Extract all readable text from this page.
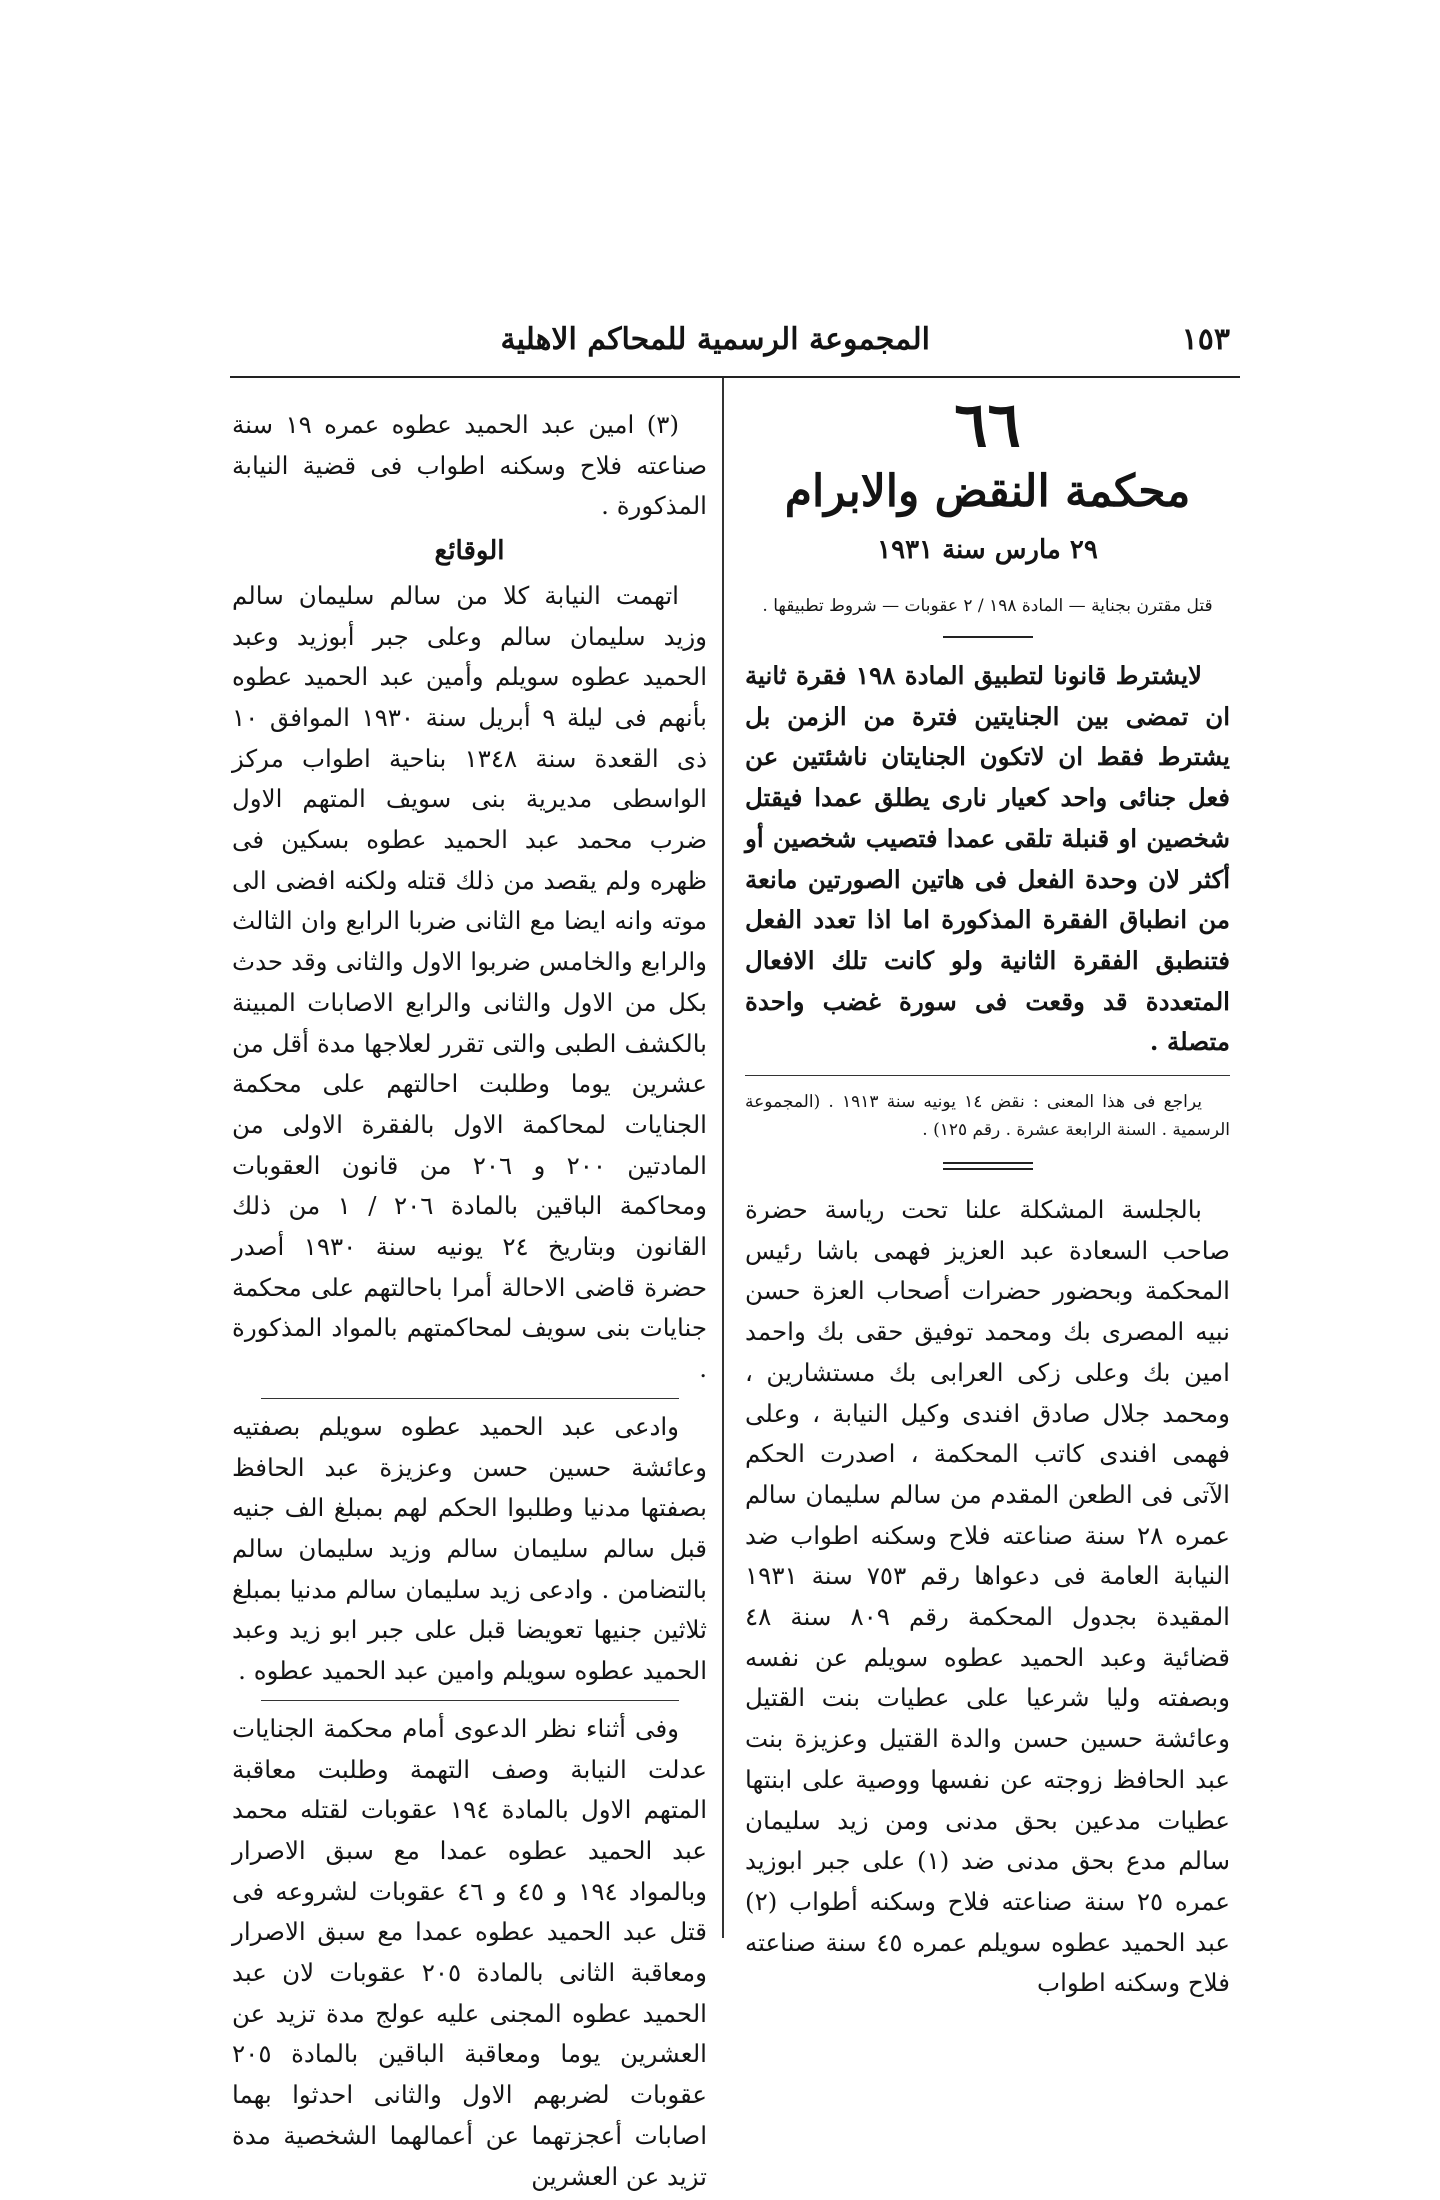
١٥٣
المجموعة الرسمية للمحاكم الاهلية
٦٦
محكمة النقض والابرام
٢٩ مارس سنة ١٩٣١
قتل مقترن بجناية — المادة ١٩٨ / ٢ عقوبات — شروط تطبيقها .

لايشترط قانونا لتطبيق المادة ١٩٨ فقرة ثانية ان تمضى بين الجنايتين فترة من الزمن بل يشترط فقط ان لاتكون الجنايتان ناشئتين عن فعل جنائى واحد كعيار نارى يطلق عمدا فيقتل شخصين او قنبلة تلقى عمدا فتصيب شخصين أو أكثر لان وحدة الفعل فى هاتين الصورتين مانعة من انطباق الفقرة المذكورة اما اذا تعدد الفعل فتنطبق الفقرة الثانية ولو كانت تلك الافعال المتعددة قد وقعت فى سورة غضب واحدة متصلة .

يراجع فى هذا المعنى : نقض ١٤ يونيه سنة ١٩١٣ . (المجموعة الرسمية . السنة الرابعة عشرة . رقم ١٢٥) .

بالجلسة المشكلة علنا تحت رياسة حضرة صاحب السعادة عبد العزيز فهمى باشا رئيس المحكمة وبحضور حضرات أصحاب العزة حسن نبيه المصرى بك ومحمد توفيق حقى بك واحمد امين بك وعلى زكى العرابى بك مستشارين ، ومحمد جلال صادق افندى وكيل النيابة ، وعلى فهمى افندى كاتب المحكمة ، اصدرت الحكم الآتى فى الطعن المقدم من سالم سليمان سالم عمره ٢٨ سنة صناعته فلاح وسكنه اطواب ضد النيابة العامة فى دعواها رقم ٧٥٣ سنة ١٩٣١ المقيدة بجدول المحكمة رقم ٨٠٩ سنة ٤٨ قضائية وعبد الحميد عطوه سويلم عن نفسه وبصفته وليا شرعيا على عطيات بنت القتيل وعائشة حسين حسن والدة القتيل وعزيزة بنت عبد الحافظ زوجته عن نفسها ووصية على ابنتها عطيات مدعين بحق مدنى ومن زيد سليمان سالم مدع بحق مدنى ضد (١) على جبر ابوزيد عمره ٢٥ سنة صناعته فلاح وسكنه أطواب (٢) عبد الحميد عطوه سويلم عمره ٤٥ سنة صناعته فلاح وسكنه اطواب

(٣) امين عبد الحميد عطوه عمره ١٩ سنة صناعته فلاح وسكنه اطواب فى قضية النيابة المذكورة .

الوقائع

اتهمت النيابة كلا من سالم سليمان سالم وزيد سليمان سالم وعلى جبر أبوزيد وعبد الحميد عطوه سويلم وأمين عبد الحميد عطوه بأنهم فى ليلة ٩ أبريل سنة ١٩٣٠ الموافق ١٠ ذى القعدة سنة ١٣٤٨ بناحية اطواب مركز الواسطى مديرية بنى سويف المتهم الاول ضرب محمد عبد الحميد عطوه بسكين فى ظهره ولم يقصد من ذلك قتله ولكنه افضى الى موته وانه ايضا مع الثانى ضربا الرابع وان الثالث والرابع والخامس ضربوا الاول والثانى وقد حدث بكل من الاول والثانى والرابع الاصابات المبينة بالكشف الطبى والتى تقرر لعلاجها مدة أقل من عشرين يوما وطلبت احالتهم على محكمة الجنايات لمحاكمة الاول بالفقرة الاولى من المادتين ٢٠٠ و ٢٠٦ من قانون العقوبات ومحاكمة الباقين بالمادة ٢٠٦ / ١ من ذلك القانون وبتاريخ ٢٤ يونيه سنة ١٩٣٠ أصدر حضرة قاضى الاحالة أمرا باحالتهم على محكمة جنايات بنى سويف لمحاكمتهم بالمواد المذكورة .

وادعى عبد الحميد عطوه سويلم بصفتيه وعائشة حسين حسن وعزيزة عبد الحافظ بصفتها مدنيا وطلبوا الحكم لهم بمبلغ الف جنيه قبل سالم سليمان سالم وزيد سليمان سالم بالتضامن . وادعى زيد سليمان سالم مدنيا بمبلغ ثلاثين جنيها تعويضا قبل على جبر ابو زيد وعبد الحميد عطوه سويلم وامين عبد الحميد عطوه .

وفى أثناء نظر الدعوى أمام محكمة الجنايات عدلت النيابة وصف التهمة وطلبت معاقبة المتهم الاول بالمادة ١٩٤ عقوبات لقتله محمد عبد الحميد عطوه عمدا مع سبق الاصرار وبالمواد ١٩٤ و ٤٥ و ٤٦ عقوبات لشروعه فى قتل عبد الحميد عطوه عمدا مع سبق الاصرار ومعاقبة الثانى بالمادة ٢٠٥ عقوبات لان عبد الحميد عطوه المجنى عليه عولج مدة تزيد عن العشرين يوما ومعاقبة الباقين بالمادة ٢٠٥ عقوبات لضربهم الاول والثانى احدثوا بهما اصابات أعجزتهما عن أعمالهما الشخصية مدة تزيد عن العشرين
